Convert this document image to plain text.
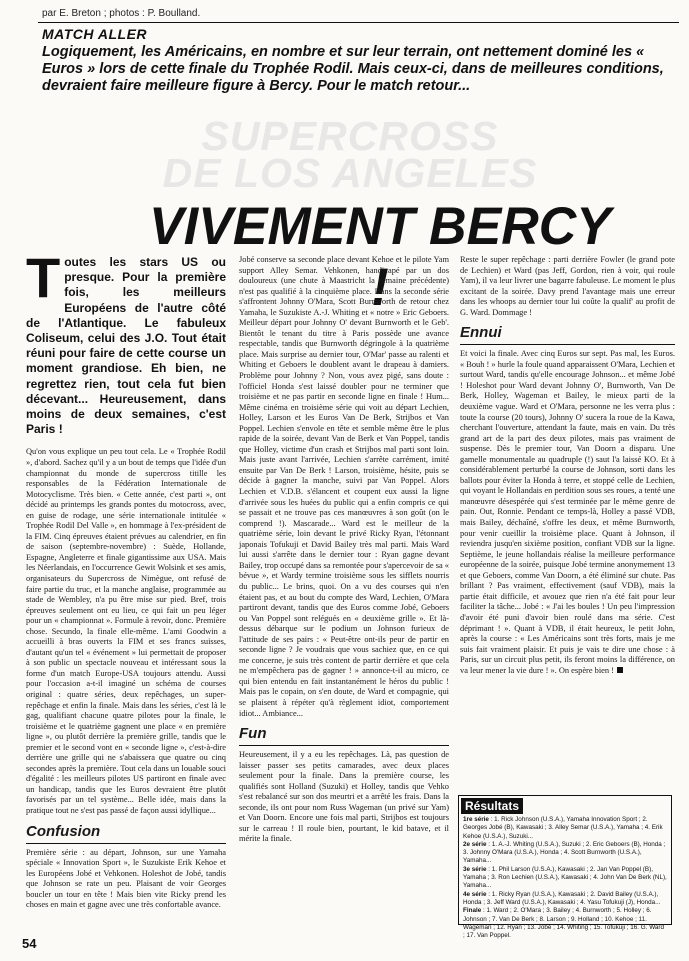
par E. Breton ; photos : P. Boulland.
MATCH ALLER
Logiquement, les Américains, en nombre et sur leur terrain, ont nettement dominé les « Euros » lors de cette finale du Trophée Rodil. Mais ceux-ci, dans de meilleures conditions, devraient faire meilleure figure à Bercy. Pour le match retour...
SUPERCROSS
DE LOS ANGELES
VIVEMENT BERCY !
Toutes les stars US ou presque. Pour la première fois, les meilleurs Européens de l'autre côté de l'Atlantique. Le fabuleux Coliseum, celui des J.O. Tout était réuni pour faire de cette course un moment grandiose. Eh bien, ne regrettez rien, tout cela fut bien décevant... Heureusement, dans moins de deux semaines, c'est Paris !

Qu'on vous explique un peu tout cela. Le « Trophée Rodil », d'abord. Sachez qu'il y a un bout de temps que l'idée d'un championnat du monde de supercross titille les responsables de la Fédération Internationale de Motocyclisme. Très bien. « Cette année, c'est parti », ont décidé au printemps les grands pontes du motocross, avec, en guise de rodage, une série internationale intitulée « Trophée Rodil Del Valle », en hommage à l'ex-président de la FIM. Cinq épreuves étaient prévues au calendrier, en fin de saison (septembre-novembre) : Suède, Hollande, Espagne, Angleterre et finale gigantissime aux USA. Mais les Néerlandais, en l'occurrence Gewit Wolsink et ses amis, organisateurs du Supercross de Nimègue, ont refusé de faire partie du truc, et la manche anglaise, programmée au stade de Wembley, n'a pu être mise sur pied. Bref, trois épreuves seulement ont eu lieu, ce qui fait un peu léger pour un « championnat ». Formule à revoir, donc. Première chose. Secundo, la finale elle-même. L'ami Goodwin a accueilli à bras ouverts la FIM et ses francs suisses, d'autant qu'un tel « événement » lui permettait de proposer à son public un spectacle nouveau et intéressant sous la forme d'un match Europe-USA toujours attendu. Aussi pour l'occasion a-t-il imaginé un schéma de courses original : quatre séries, deux repêchages, un super-repêchage et enfin la finale. Mais dans les séries, c'est là le gag, qualifiant chacune quatre pilotes pour la finale, le troisième et le quatrième gagnent une place « en première ligne », ou plutôt derrière la première grille, tandis que le premier et le second vont en « seconde ligne », c'est-à-dire derrière une grille qui ne s'abaissera que quatre ou cinq secondes après la première. Tout cela dans un louable souci d'égalité : les meilleurs pilotes US partiront en finale avec un handicap, tandis que les Euros devraient être plutôt favorisés par un tel système... Belle idée, mais dans la pratique tout ne s'est pas passé de façon aussi idyllique...

Confusion

Première série : au départ, Johnson, sur une Yamaha spéciale « Innovation Sport », le Suzukiste Erik Kehoe et les Européens Jobé et Vehkonen. Holeshot de Jobé, tandis que Johnson se rate un peu. Plaisant de voir Georges boucler un tour en tête ! Mais bien vite Ricky prend les choses en main et gagne avec une très confortable avance.

Jobé conserve sa seconde place devant Kehoe et le pilote Yam support Alley Semar. Vehkonen, handicapé par un dos douloureux (une chute à Maastricht la semaine précédente) n'est pas qualifié à la cinquième place. Dans la seconde série s'affrontent Johnny O'Mara, Scott Burnworth de retour chez Yamaha, le Suzukiste A.-J. Whiting et « notre » Eric Geboers. Meilleur départ pour Johnny O' devant Burnworth et le Geb'. Bientôt le tenant du titre à Paris possède une avance respectable, tandis que Burnworth dégringole à la quatrième place. Mais surprise au dernier tour, O'Mar' passe au ralenti et Whiting et Geboers le doublent avant le drapeau à damiers. Problème pour Johnny ? Non, vous avez pigé, sans doute : l'officiel Honda s'est laissé doubler pour ne terminer que troisième et ne pas partir en seconde ligne en finale ! Hum... Même cinéma en troisième série qui voit au départ Lechien, Holley, Larson et les Euros Van De Berk, Strijbos et Van Poppel. Lechien s'envole en tête et semble même être le plus rapide de la soirée, devant Van de Berk et Van Poppel, tandis que Holley, victime d'un crash et Strijbos mal parti sont loin. Mais juste avant l'arrivée, Lechien s'arrête carrément, imité ensuite par Van De Berk ! Larson, troisième, hésite, puis se décide à gagner la manche, suivi par Van Poppel. Alors Lechien et V.D.B. s'élancent et coupent eux aussi la ligne d'arrivée sous les huées du public qui a enfin compris ce qui se passait et ne trouve pas ces manœuvres à son goût (on le comprend !). Mascarade... Ward est le meilleur de la quatrième série, loin devant le privé Ricky Ryan, l'étonnant japonais Tofukuji et David Bailey très mal parti. Mais Ward lui aussi s'arrête dans le dernier tour : Ryan gagne devant Bailey, trop occupé dans sa remontée pour s'apercevoir de sa « bévue », et Wardy termine troisième sous les sifflets nourris du public... Le brins, quoi. On a vu des courses qui n'en étaient pas, et au bout du compte des Ward, Lechien, O'Mara partiront devant, tandis que des Euros comme Jobé, Geboers ou Van Poppel sont relégués en « deuxième grille ». Et là-dessus débarque sur le podium un Johnson furieux de l'attitude de ses pairs : « Peut-être ont-ils peur de partir en seconde ligne ? Je voudrais que vous sachiez que, en ce qui me concerne, je suis très content de partir derrière et que cela ne m'empêchera pas de gagner ! » annonce-t-il au micro, ce qui bien entendu en fait instantanément le héros du public ! Mais pas le copain, on s'en doute, de Ward et compagnie, qui se plaisent à répéter qu'à règlement idiot, comportement idiot... Ambiance...

Fun

Heureusement, il y a eu les repêchages. Là, pas question de laisser passer ses petits camarades, avec deux places seulement pour la finale. Dans la première course, les qualifiés sont Holland (Suzuki) et Holley, tandis que Vehko s'est rebalancé sur son dos meurtri et a arrêté les frais. Dans la seconde, ils ont pour nom Russ Wageman (un privé sur Yam) et Van Doorn. Encore une fois mal parti, Strijbos est toujours sur le carreau ! Il roule bien, pourtant, le kid batave, et il mérite la finale.

Reste le super repêchage : parti derrière Fowler (le grand pote de Lechien) et Ward (pas Jeff, Gordon, rien à voir, qui roule Yam), il va leur livrer une bagarre fabuleuse. Le moment le plus excitant de la soirée. Davy prend l'avantage mais une erreur dans les whoops au dernier tour lui coûte la qualif' au profit de G. Ward. Dommage !

Ennui

Et voici la finale. Avec cinq Euros sur sept. Pas mal, les Euros. « Bouh ! » hurle la foule quand apparaissent O'Mara, Lechien et surtout Ward, tandis qu'elle encourage Johnson... et même Jobé ! Holeshot pour Ward devant Johnny O', Burnworth, Van De Berk, Holley, Wageman et Bailey, le mieux parti de la deuxième vague. Ward et O'Mara, personne ne les verra plus : toute la course (20 tours), Johnny O' sucera la roue de la Kawa, cherchant l'ouverture, attendant la faute, mais en vain. Du très grand art de la part des deux pilotes, mais pas vraiment de suspense. Dès le premier tour, Van Doorn a disparu. Une gamelle monumentale au quadruple (!) saut l'a laissé KO. Et à considérablement perturbé la course de Johnson, sorti dans les ballots pour éviter la Honda à terre, et stoppé celle de Lechien, qui voyant le Hollandais en perdition sous ses roues, a tenté une manœuvre désespérée qui s'est terminée par le même genre de pain. Out, Ronnie. Pendant ce temps-là, Holley a passé VDB, mais Bailey, déchaîné, s'offre les deux, et même Burnworth, pour venir cueillir la troisième place. Quant à Johnson, il reviendra jusqu'en sixième position, confiant VDB sur la ligne. Septième, le jeune hollandais réalise la meilleure performance européenne de la soirée, puisque Jobé termine anonymement 13 et que Geboers, comme Van Doorn, a été éliminé sur chute. Pas brillant ? Pas vraiment, effectivement (sauf VDB), mais la partie était difficile, et avouez que rien n'a été fait pour leur faciliter la tâche... Jobé : « J'ai les boules ! Un peu l'impression d'avoir été puni d'avoir bien roulé dans ma série. C'est déprimant ! ». Quant à VDB, il était heureux, le petit John, après la course : « Les Américains sont très forts, mais je me suis fait vraiment plaisir. Et puis je vais te dire une chose : à Paris, sur un circuit plus petit, ils feront moins la différence, on va leur mener la vie dure ! ». On espère bien !

Résultats
1re série : 1. Rick Johnson (U.S.A.), Yamaha Innovation Sport ; 2. Georges Jobé (B), Kawasaki ; 3. Alley Semar (U.S.A.), Yamaha ; 4. Erik Kehoe (U.S.A.), Suzuki...
2e série : 1. A.-J. Whiting (U.S.A.), Suzuki ; 2. Eric Geboers (B), Honda ; 3. Johnny O'Mara (U.S.A.), Honda ; 4. Scott Burnworth (U.S.A.), Yamaha...
3e série : 1. Phil Larson (U.S.A.), Kawasaki ; 2. Jan Van Poppel (B), Yamaha ; 3. Ron Lechien (U.S.A.), Kawasaki ; 4. John Van De Berk (NL), Yamaha...
4e série : 1. Ricky Ryan (U.S.A.), Kawasaki ; 2. David Bailey (U.S.A.), Honda ; 3. Jeff Ward (U.S.A.), Kawasaki ; 4. Yasu Tofukuji (J), Honda...
Finale : 1. Ward ; 2. O'Mara ; 3. Bailey ; 4. Burnworth ; 5. Holley ; 6. Johnson ; 7. Van De Berk ; 8. Larson ; 9. Holland ; 10. Kehoe ; 11. Wageman ; 12. Ryan ; 13. Jobé ; 14. Whiting ; 15. Tofukuji ; 16. G. Ward ; 17. Van Poppel.
54
